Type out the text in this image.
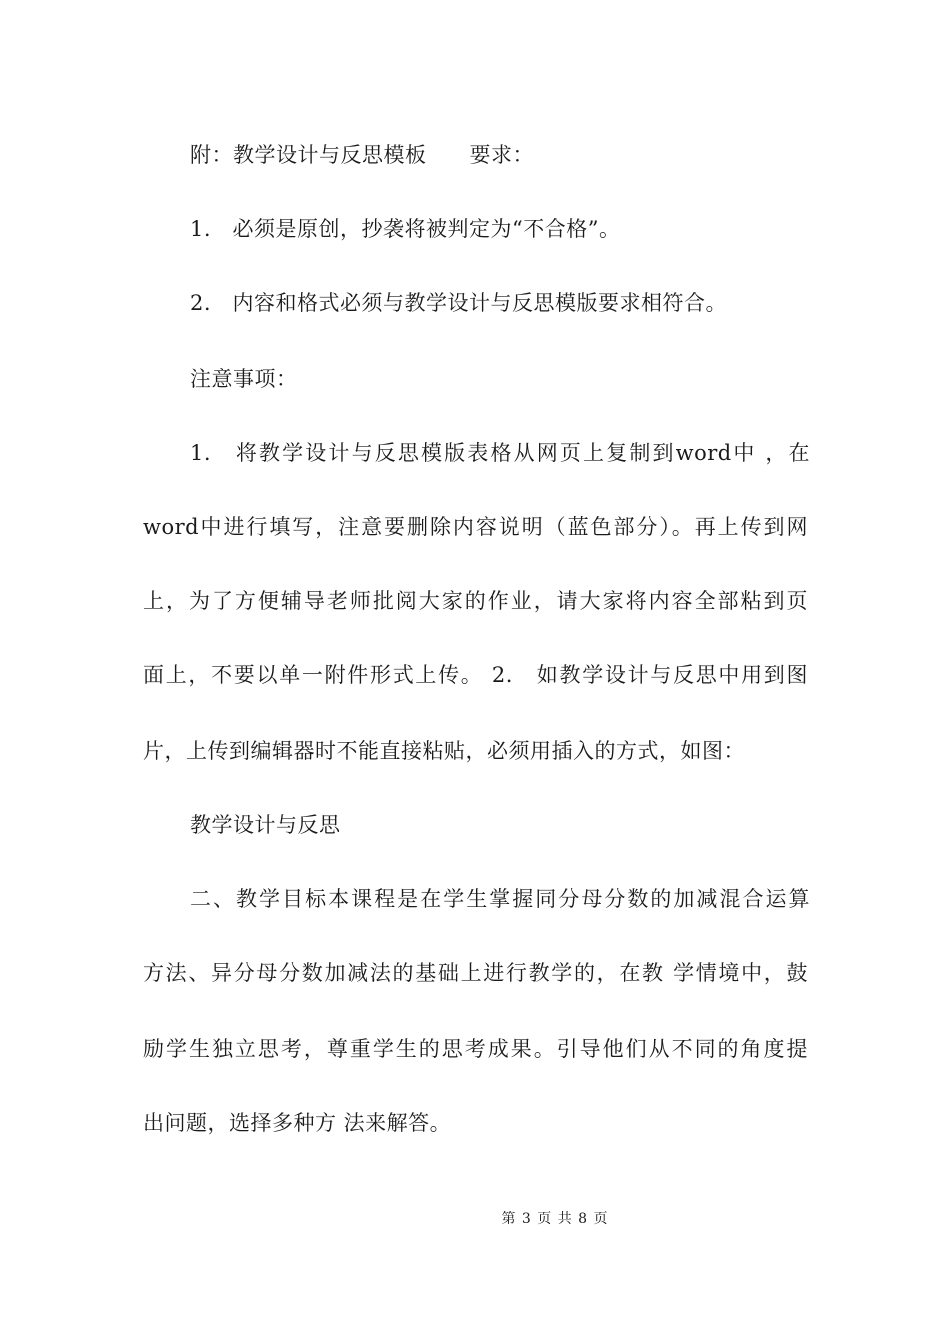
附：教学设计与反思模板　　要求：
1.　必须是原创，抄袭将被判定为“不合格”。
2.　内容和格式必须与教学设计与反思模版要求相符合。
注意事项：
1.　将教学设计与反思模版表格从网页上复制到word中 ，在
word中进行填写，注意要删除内容说明（蓝色部分）。再上传到网
上，为了方便辅导老师批阅大家的作业，请大家将内容全部粘到页
面上，不要以单一附件形式上传。 2.　如教学设计与反思中用到图
片，上传到编辑器时不能直接粘贴，必须用插入的方式，如图：
教学设计与反思
二、教学目标本课程是在学生掌握同分母分数的加减混合运算
方法、异分母分数加减法的基础上进行教学的，在教 学情境中，鼓
励学生独立思考，尊重学生的思考成果。引导他们从不同的角度提
出问题，选择多种方 法来解答。
第 3 页 共 8 页
